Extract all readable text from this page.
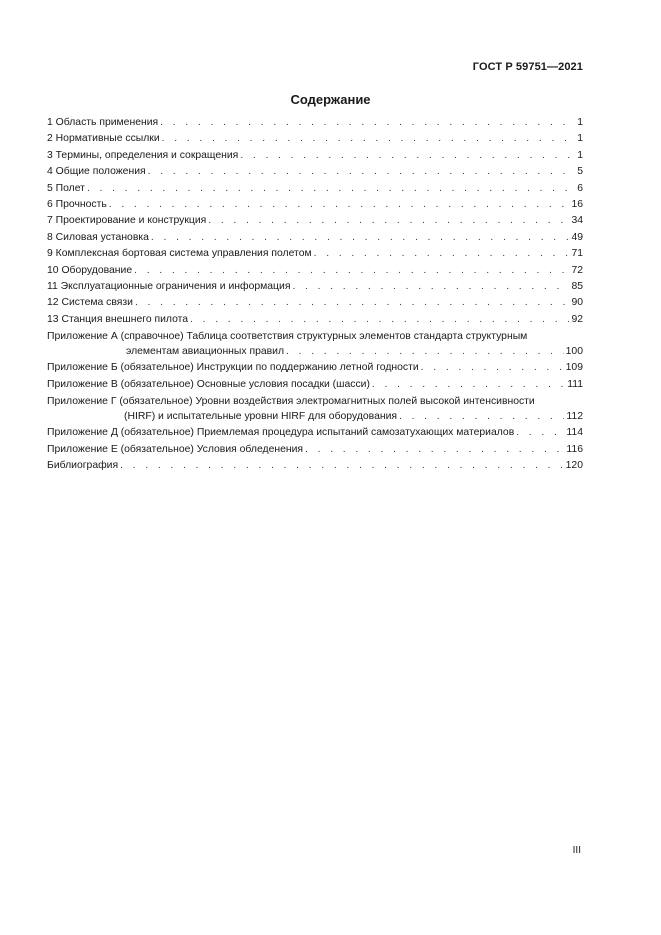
ГОСТ Р 59751—2021
Содержание
1 Область применения . . .	1
2 Нормативные ссылки . . .	1
3 Термины, определения и сокращения . . .	1
4 Общие положения . . .	5
5 Полет . . .	6
6 Прочность . . .	16
7 Проектирование и конструкция . . .	34
8 Силовая установка . . .	49
9 Комплексная бортовая система управления полетом . . .	71
10 Оборудование . . .	72
11 Эксплуатационные ограничения и информация . . .	85
12 Система связи . . .	90
13 Станция внешнего пилота . . .	92
Приложение А (справочное) Таблица соответствия структурных элементов стандарта структурным
элементам авиационных правил . . .	100
Приложение Б (обязательное) Инструкции по поддержанию летной годности . . .	109
Приложение В (обязательное) Основные условия посадки (шасси) . . .	111
Приложение Г (обязательное) Уровни воздействия электромагнитных полей высокой интенсивности
(HIRF) и испытательные уровни HIRF для оборудования . . .	112
Приложение Д (обязательное) Приемлемая процедура испытаний самозатухающих материалов . . .	114
Приложение Е (обязательное) Условия обледенения . . .	116
Библиография . . .	120
III
